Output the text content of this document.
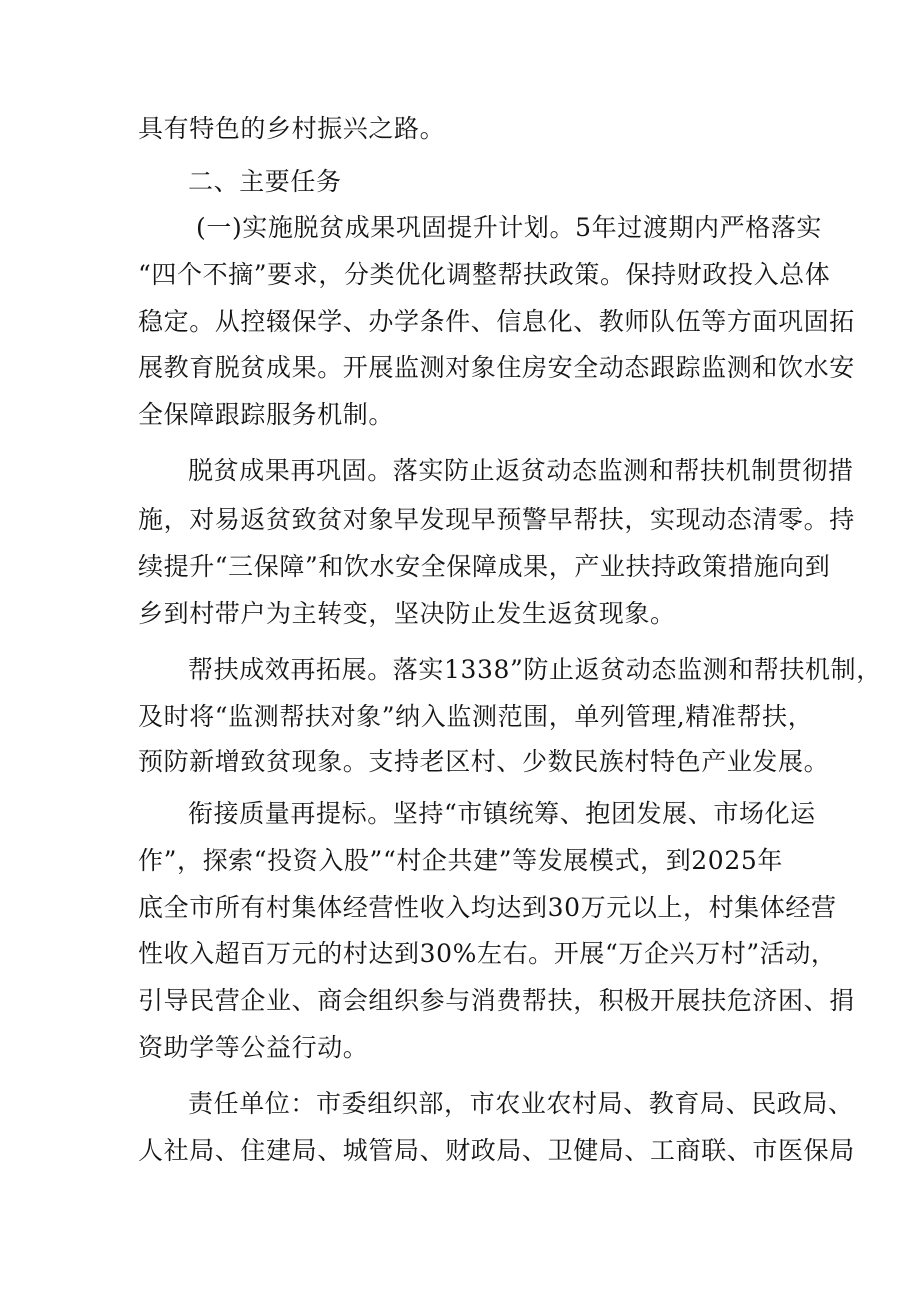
具有特色的乡村振兴之路。
二、主要任务
(一)实施脱贫成果巩固提升计划。5年过渡期内严格落实
“四个不摘”要求，分类优化调整帮扶政策。保持财政投入总体
稳定。从控辍保学、办学条件、信息化、教师队伍等方面巩固拓
展教育脱贫成果。开展监测对象住房安全动态跟踪监测和饮水安
全保障跟踪服务机制。
脱贫成果再巩固。落实防止返贫动态监测和帮扶机制贯彻措
施，对易返贫致贫对象早发现早预警早帮扶，实现动态清零。持
续提升“三保障”和饮水安全保障成果，产业扶持政策措施向到
乡到村带户为主转变，坚决防止发生返贫现象。
帮扶成效再拓展。落实1338”防止返贫动态监测和帮扶机制，
及时将“监测帮扶对象”纳入监测范围，单列管理,精准帮扶，
预防新增致贫现象。支持老区村、少数民族村特色产业发展。
衔接质量再提标。坚持“市镇统筹、抱团发展、市场化运
作”，探索“投资入股”“村企共建”等发展模式，到2025年
底全市所有村集体经营性收入均达到30万元以上，村集体经营
性收入超百万元的村达到30%左右。开展“万企兴万村”活动，
引导民营企业、商会组织参与消费帮扶，积极开展扶危济困、捐
资助学等公益行动。
责任单位：市委组织部，市农业农村局、教育局、民政局、
人社局、住建局、城管局、财政局、卫健局、工商联、市医保局
